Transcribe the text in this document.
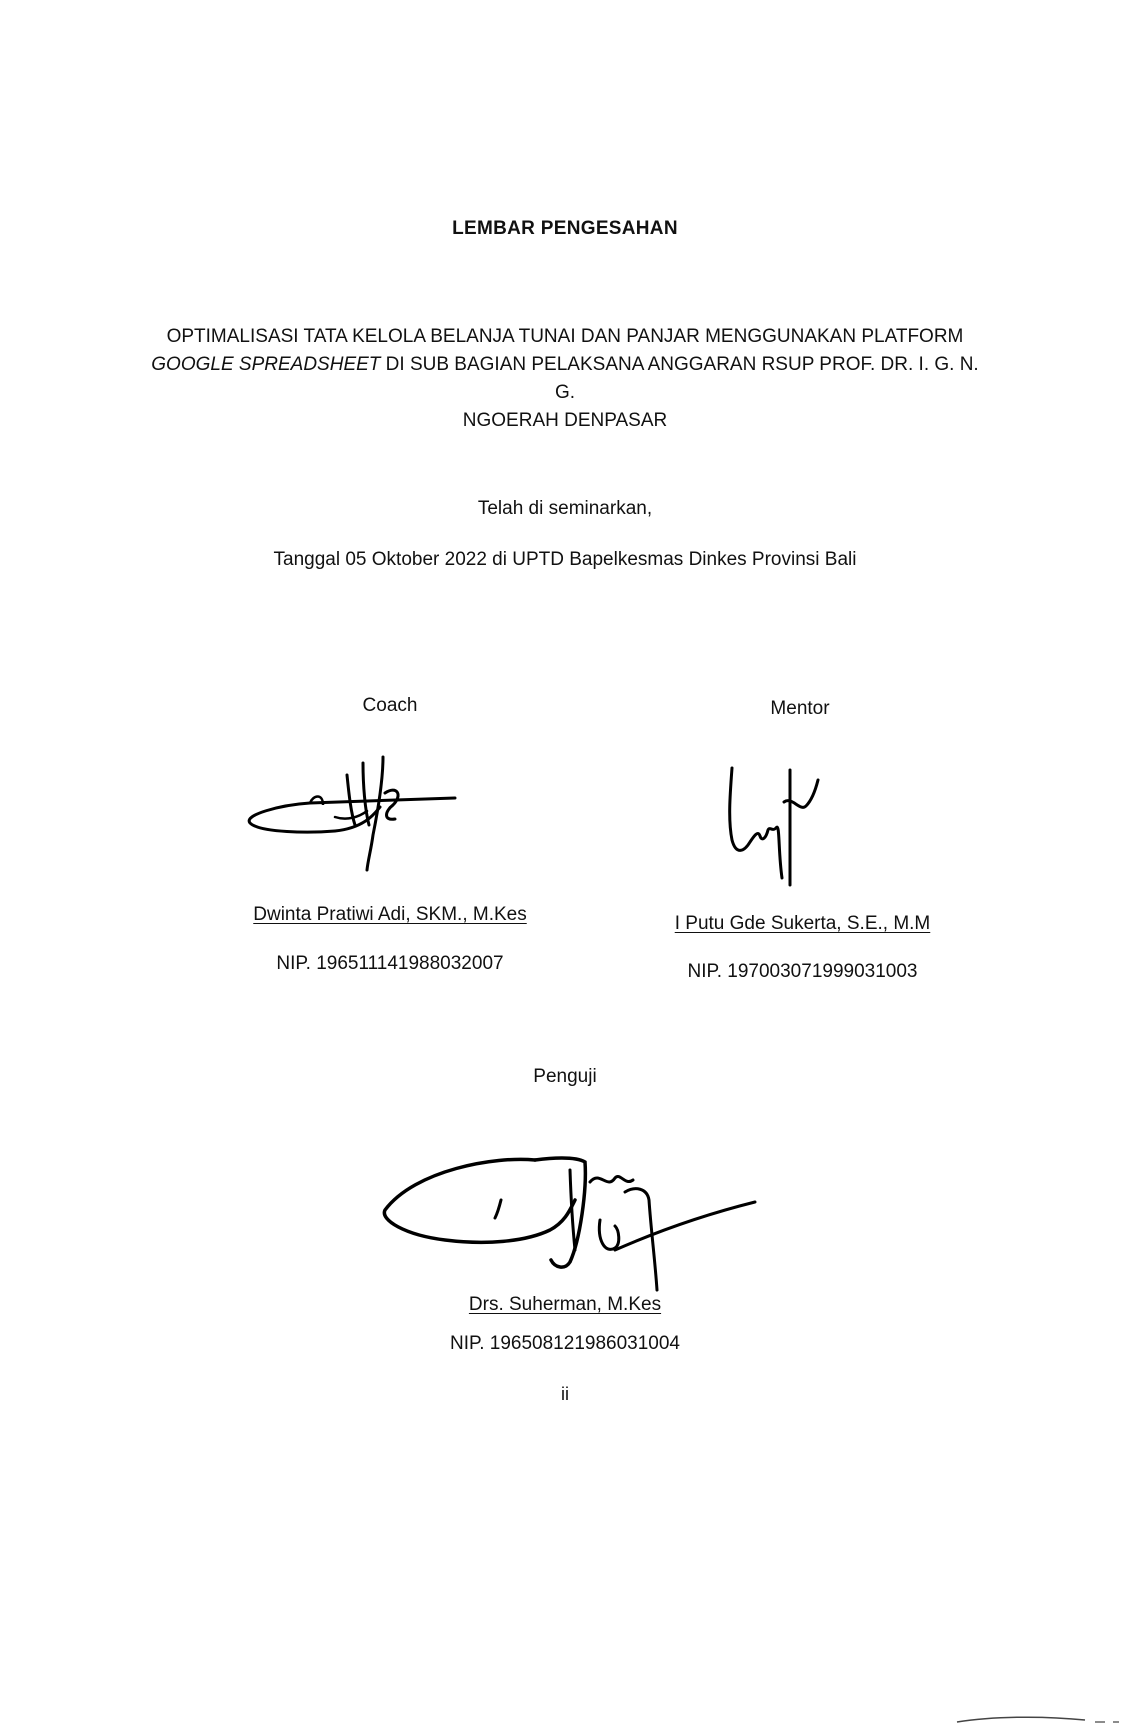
LEMBAR PENGESAHAN
OPTIMALISASI TATA KELOLA BELANJA TUNAI DAN PANJAR MENGGUNAKAN PLATFORM
GOOGLE SPREADSHEET DI SUB BAGIAN PELAKSANA ANGGARAN RSUP PROF. DR. I. G. N. G.
NGOERAH DENPASAR
Telah di seminarkan,
Tanggal 05 Oktober 2022 di UPTD Bapelkesmas Dinkes Provinsi Bali
Coach
Dwinta Pratiwi Adi, SKM., M.Kes
NIP. 196511141988032007
Mentor
I Putu Gde Sukerta, S.E., M.M
NIP. 197003071999031003
Penguji
Drs. Suherman, M.Kes
NIP. 196508121986031004
ii
